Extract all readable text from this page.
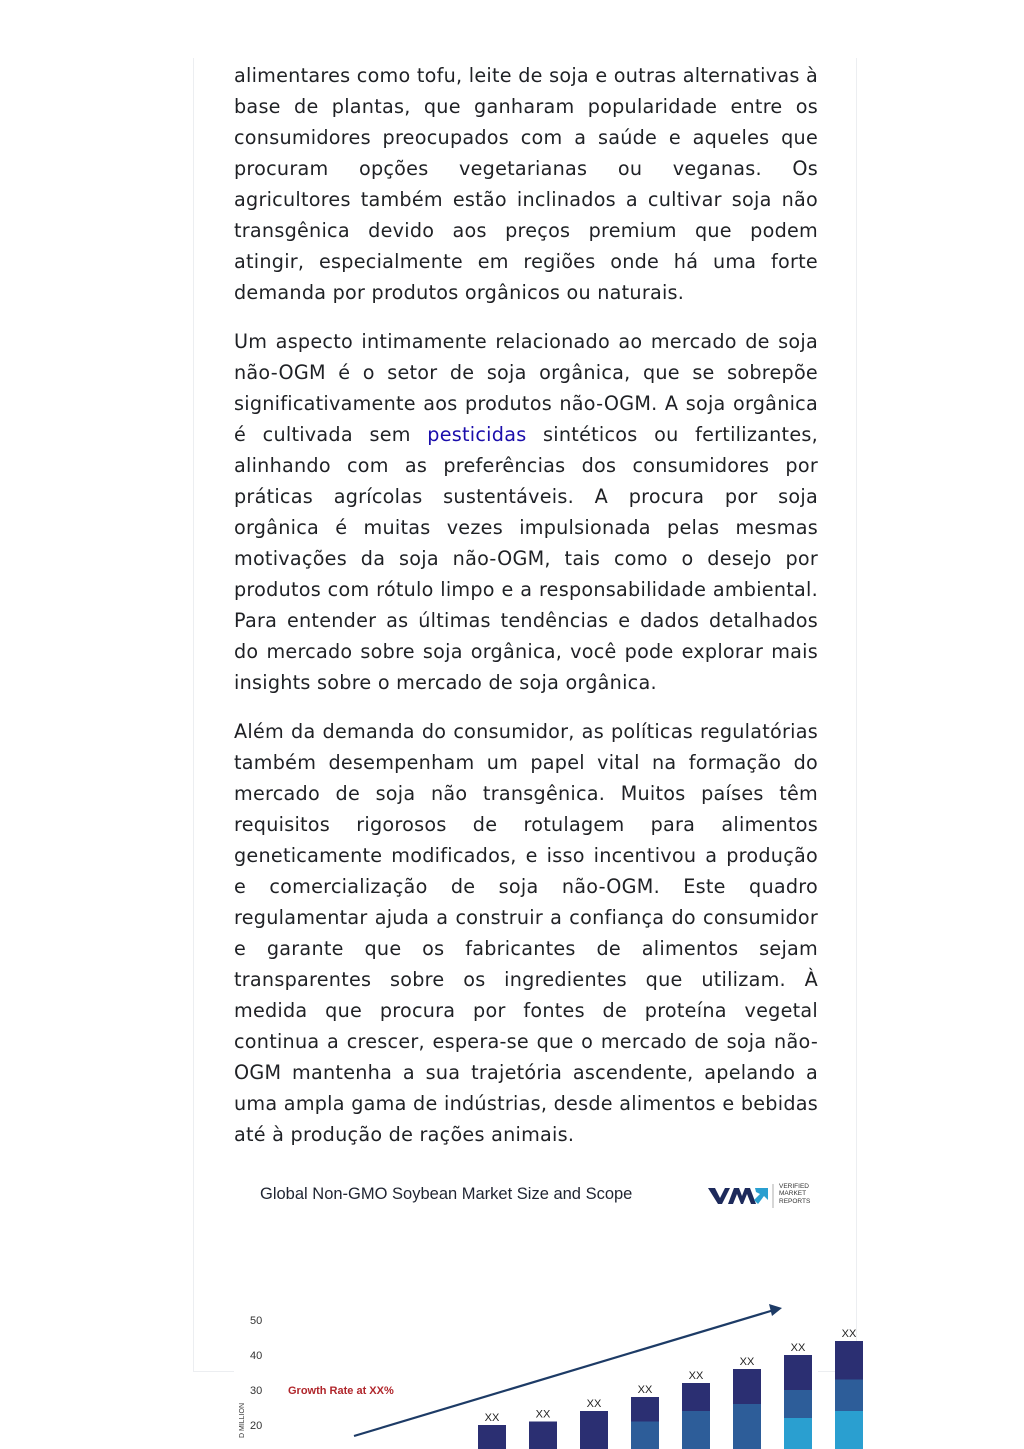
alimentares como tofu, leite de soja e outras alternativas à base de plantas, que ganharam popularidade entre os consumidores preocupados com a saúde e aqueles que procuram opções vegetarianas ou veganas. Os agricultores também estão inclinados a cultivar soja não transgênica devido aos preços premium que podem atingir, especialmente em regiões onde há uma forte demanda por produtos orgânicos ou naturais.

Um aspecto intimamente relacionado ao mercado de soja não-OGM é o setor de soja orgânica, que se sobrepõe significativamente aos produtos não-OGM. A soja orgânica é cultivada sem pesticidas sintéticos ou fertilizantes, alinhando com as preferências dos consumidores por práticas agrícolas sustentáveis. A procura por soja orgânica é muitas vezes impulsionada pelas mesmas motivações da soja não-OGM, tais como o desejo por produtos com rótulo limpo e a responsabilidade ambiental. Para entender as últimas tendências e dados detalhados do mercado sobre soja orgânica, você pode explorar mais insights sobre o mercado de soja orgânica.

Além da demanda do consumidor, as políticas regulatórias também desempenham um papel vital na formação do mercado de soja não transgênica. Muitos países têm requisitos rigorosos de rotulagem para alimentos geneticamente modificados, e isso incentivou a produção e comercialização de soja não-OGM. Este quadro regulamentar ajuda a construir a confiança do consumidor e garante que os fabricantes de alimentos sejam transparentes sobre os ingredientes que utilizam. À medida que procura por fontes de proteína vegetal continua a crescer, espera-se que o mercado de soja não-OGM mantenha a sua trajetória ascendente, apelando a uma ampla gama de indústrias, desde alimentos e bebidas até à produção de rações animais.

Global Non-GMO Soybean Market Size and Scope	VERIFIED
MARKET
REPORTS
20
30
40
50
D MILLION
Growth Rate at XX%
XX	XX
XX
XX
XX
XX
XX
XX
